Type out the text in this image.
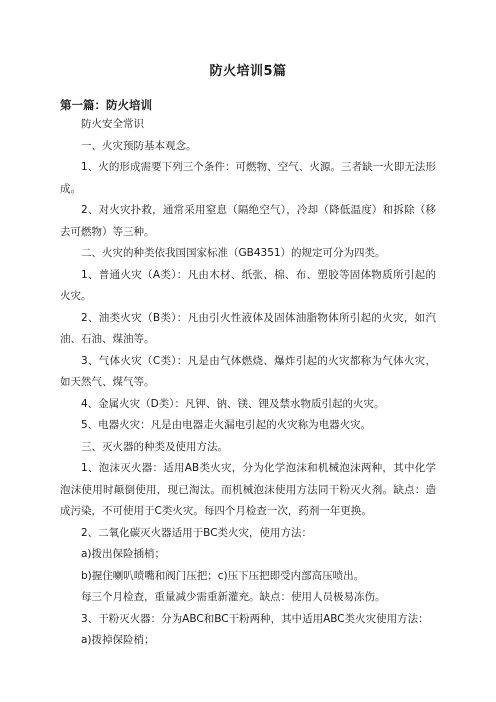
防火培训5篇
第一篇：防火培训

防火安全常识

一、火灾预防基本观念。

1、火的形成需要下列三个条件：可燃物、空气、火源。三者缺一火即无法形成。

2、对火灾扑救，通常采用窒息（隔绝空气），冷却（降低温度）和拆除（移去可燃物）等三种。

二、火灾的种类依我国国家标准（GB4351）的规定可分为四类。

1、普通火灾（A类）：凡由木材、纸张、棉、布、塑胶等固体物质所引起的火灾。

2、油类火灾（B类）：凡由引火性液体及固体油脂物体所引起的火灾，如汽油、石油、煤油等。

3、气体火灾（C类）：凡是由气体燃烧、爆炸引起的火灾都称为气体火灾，如天然气、煤气等。

4、金属火灾（D类）：凡钾、钠、镁、锂及禁水物质引起的火灾。

5、电器火灾：凡是由电器走火漏电引起的火灾称为电器火灾。

三、灭火器的种类及使用方法。

1、泡沫灭火器：适用AB类火灾，分为化学泡沫和机械泡沫两种，其中化学泡沫使用时颠倒使用，现已淘汰。而机械泡沫使用方法同干粉灭火剂。缺点：造成污染，不可使用于C类火灾。每四个月检查一次，药剂一年更换。

2、二氧化碳灭火器适用于BC类火灾，使用方法：

a)拨出保险插梢；

b)握住喇叭喷嘴和阀门压把；c)压下压把即受内部高压喷出。

每三个月检查，重量减少需重新灌充。缺点：使用人员极易冻伤。

3、干粉灭火器：分为ABC和BC干粉两种，其中适用ABC类火灾使用方法：

a)拨掉保险梢；
